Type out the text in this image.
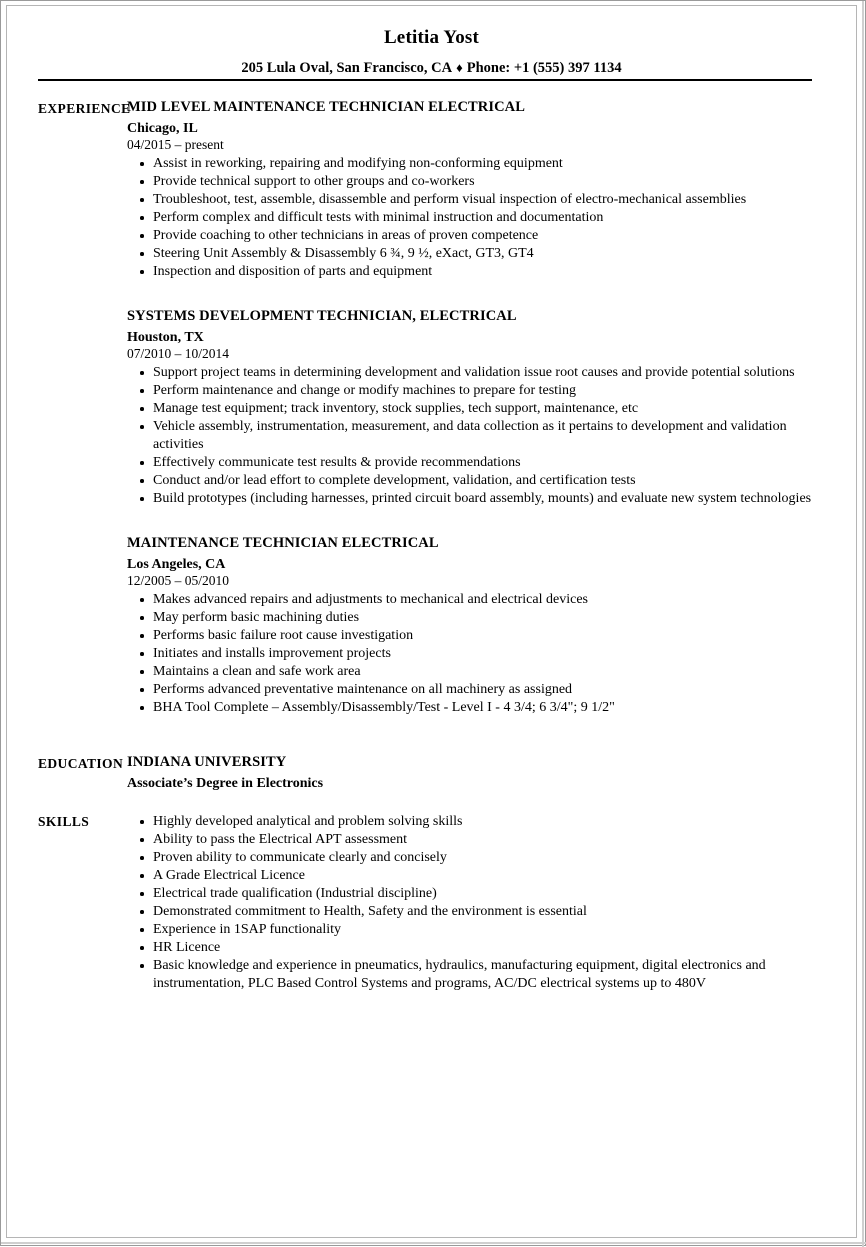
Letitia Yost
205 Lula Oval, San Francisco, CA ♦ Phone: +1 (555) 397 1134
EXPERIENCE
MID LEVEL MAINTENANCE TECHNICIAN ELECTRICAL
Chicago, IL
04/2015 – present
Assist in reworking, repairing and modifying non-conforming equipment
Provide technical support to other groups and co-workers
Troubleshoot, test, assemble, disassemble and perform visual inspection of electro-mechanical assemblies
Perform complex and difficult tests with minimal instruction and documentation
Provide coaching to other technicians in areas of proven competence
Steering Unit Assembly & Disassembly 6 ¾, 9 ½, eXact, GT3, GT4
Inspection and disposition of parts and equipment
SYSTEMS DEVELOPMENT TECHNICIAN, ELECTRICAL
Houston, TX
07/2010 – 10/2014
Support project teams in determining development and validation issue root causes and provide potential solutions
Perform maintenance and change or modify machines to prepare for testing
Manage test equipment; track inventory, stock supplies, tech support, maintenance, etc
Vehicle assembly, instrumentation, measurement, and data collection as it pertains to development and validation activities
Effectively communicate test results & provide recommendations
Conduct and/or lead effort to complete development, validation, and certification tests
Build prototypes (including harnesses, printed circuit board assembly, mounts) and evaluate new system technologies
MAINTENANCE TECHNICIAN ELECTRICAL
Los Angeles, CA
12/2005 – 05/2010
Makes advanced repairs and adjustments to mechanical and electrical devices
May perform basic machining duties
Performs basic failure root cause investigation
Initiates and installs improvement projects
Maintains a clean and safe work area
Performs advanced preventative maintenance on all machinery as assigned
BHA Tool Complete – Assembly/Disassembly/Test - Level I - 4 3/4; 6 3/4"; 9 1/2"
EDUCATION INDIANA UNIVERSITY
Associate’s Degree in Electronics
SKILLS	Highly developed analytical and problem solving skills
Ability to pass the Electrical APT assessment
Proven ability to communicate clearly and concisely
A Grade Electrical Licence
Electrical trade qualification (Industrial discipline)
Demonstrated commitment to Health, Safety and the environment is essential
Experience in 1SAP functionality
HR Licence
Basic knowledge and experience in pneumatics, hydraulics, manufacturing equipment, digital electronics and instrumentation, PLC Based Control Systems and programs, AC/DC electrical systems up to 480V
